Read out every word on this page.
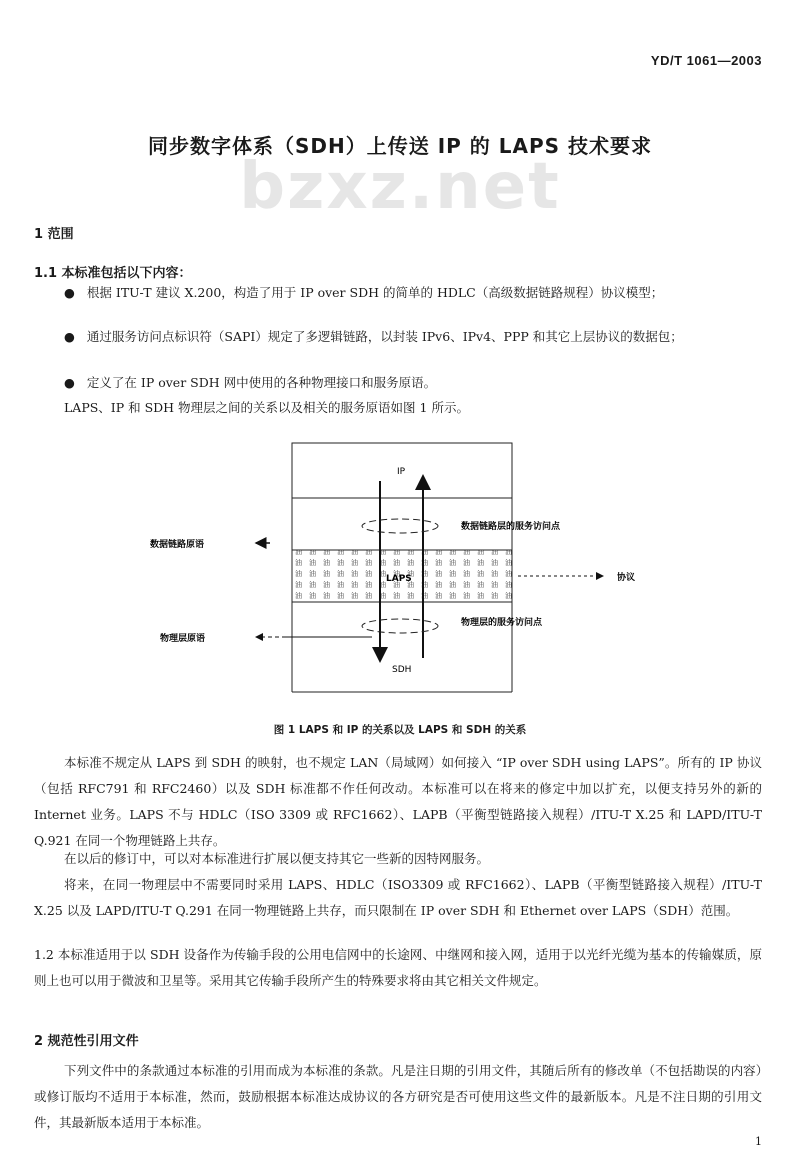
YD/T 1061—2003
bzxz.net
同步数字体系（SDH）上传送 IP 的 LAPS 技术要求
1 范围
1.1 本标准包括以下内容：
● 根据 ITU-T 建议 X.200，构造了用于 IP over SDH 的简单的 HDLC（高级数据链路规程）协议模型；
● 通过服务访问点标识符（SAPI）规定了多逻辑链路，以封装 IPv6、IPv4、PPP 和其它上层协议的数据包；
● 定义了在 IP over SDH 网中使用的各种物理接口和服务原语。
LAPS、IP 和 SDH 物理层之间的关系以及相关的服务原语如图 1 所示。
IP
LAPS
SDH
数据链路原语
物理层原语
数据链路层的服务访问点
物理层的服务访问点
协议
图 1 LAPS 和 IP 的关系以及 LAPS 和 SDH 的关系
本标准不规定从 LAPS 到 SDH 的映射，也不规定 LAN（局域网）如何接入 “IP over SDH using LAPS”。所有的 IP 协议（包括 RFC791 和 RFC2460）以及 SDH 标准都不作任何改动。本标准可以在将来的修定中加以扩充，以便支持另外的新的 Internet 业务。LAPS 不与 HDLC（ISO 3309 或 RFC1662）、LAPB（平衡型链路接入规程）/ITU-T X.25 和 LAPD/ITU-T Q.921 在同一个物理链路上共存。
在以后的修订中，可以对本标准进行扩展以便支持其它一些新的因特网服务。
将来，在同一物理层中不需要同时采用 LAPS、HDLC（ISO3309 或 RFC1662）、LAPB（平衡型链路接入规程）/ITU-T X.25 以及 LAPD/ITU-T Q.291 在同一物理链路上共存，而只限制在 IP over SDH 和 Ethernet over LAPS（SDH）范围。
1.2 本标准适用于以 SDH 设备作为传输手段的公用电信网中的长途网、中继网和接入网，适用于以光纤光缆为基本的传输媒质，原则上也可以用于微波和卫星等。采用其它传输手段所产生的特殊要求将由其它相关文件规定。
2 规范性引用文件
下列文件中的条款通过本标准的引用而成为本标准的条款。凡是注日期的引用文件，其随后所有的修改单（不包括勘误的内容）或修订版均不适用于本标准，然而，鼓励根据本标准达成协议的各方研究是否可使用这些文件的最新版本。凡是不注日期的引用文件，其最新版本适用于本标准。
1
